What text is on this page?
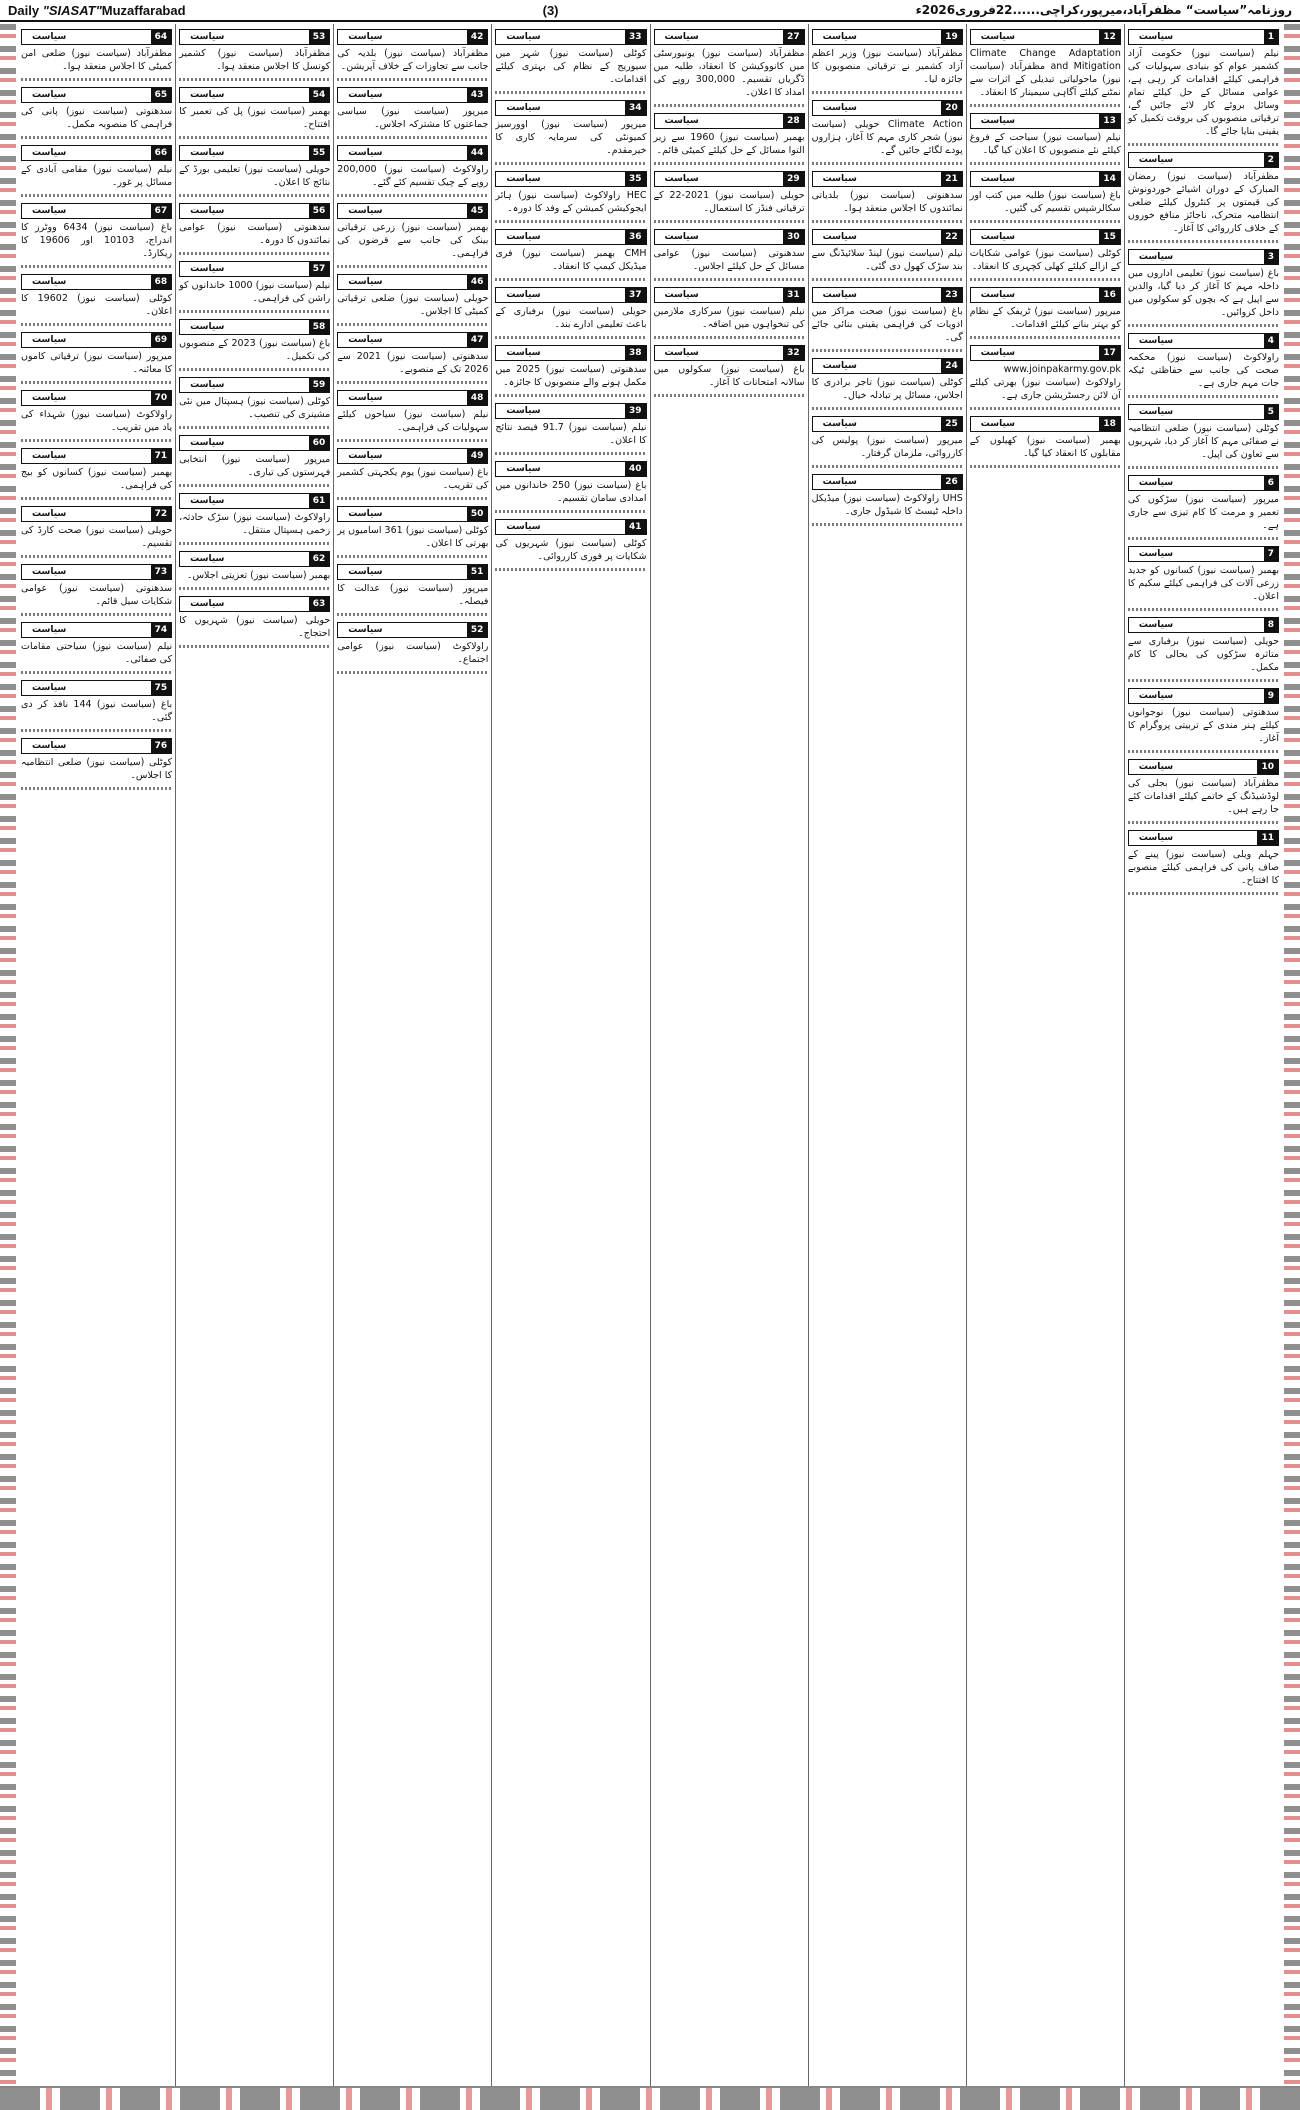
Daily "SIASAT"Muzaffarabad	(3)	روزنامہ”سیاست“ مظفرآباد،میرپور،کراچی......22فروری2026ء
1
سیاست
نیلم (سیاست نیوز) حکومت آزاد کشمیر عوام کو بنیادی سہولیات کی فراہمی کیلئے اقدامات کر رہی ہے، عوامی مسائل کے حل کیلئے تمام وسائل بروئے کار لائے جائیں گے، ترقیاتی منصوبوں کی بروقت تکمیل کو یقینی بنایا جائے گا۔
2
سیاست
مظفرآباد (سیاست نیوز) رمضان المبارک کے دوران اشیائے خوردونوش کی قیمتوں پر کنٹرول کیلئے ضلعی انتظامیہ متحرک، ناجائز منافع خوروں کے خلاف کارروائی کا آغاز۔
3
سیاست
باغ (سیاست نیوز) تعلیمی اداروں میں داخلہ مہم کا آغاز کر دیا گیا، والدین سے اپیل ہے کہ بچوں کو سکولوں میں داخل کروائیں۔
4
سیاست
راولاکوٹ (سیاست نیوز) محکمہ صحت کی جانب سے حفاظتی ٹیکہ جات مہم جاری ہے۔
5
سیاست
کوٹلی (سیاست نیوز) ضلعی انتظامیہ نے صفائی مہم کا آغاز کر دیا، شہریوں سے تعاون کی اپیل۔
6
سیاست
میرپور (سیاست نیوز) سڑکوں کی تعمیر و مرمت کا کام تیزی سے جاری ہے۔
7
سیاست
بھمبر (سیاست نیوز) کسانوں کو جدید زرعی آلات کی فراہمی کیلئے سکیم کا اعلان۔
8
سیاست
حویلی (سیاست نیوز) برفباری سے متاثرہ سڑکوں کی بحالی کا کام مکمل۔
9
سیاست
سدھنوتی (سیاست نیوز) نوجوانوں کیلئے ہنر مندی کے تربیتی پروگرام کا آغاز۔
10
سیاست
مظفرآباد (سیاست نیوز) بجلی کی لوڈشیڈنگ کے خاتمے کیلئے اقدامات کئے جا رہے ہیں۔
11
سیاست
جہلم ویلی (سیاست نیوز) پینے کے صاف پانی کی فراہمی کیلئے منصوبے کا افتتاح۔
12
سیاست
Climate Change Adaptation and Mitigation مظفرآباد (سیاست نیوز) ماحولیاتی تبدیلی کے اثرات سے نمٹنے کیلئے آگاہی سیمینار کا انعقاد۔
13
سیاست
نیلم (سیاست نیوز) سیاحت کے فروغ کیلئے نئے منصوبوں کا اعلان کیا گیا۔
14
سیاست
باغ (سیاست نیوز) طلبہ میں کتب اور سکالرشپس تقسیم کی گئیں۔
15
سیاست
کوٹلی (سیاست نیوز) عوامی شکایات کے ازالے کیلئے کھلی کچہری کا انعقاد۔
16
سیاست
میرپور (سیاست نیوز) ٹریفک کے نظام کو بہتر بنانے کیلئے اقدامات۔
17
سیاست
www.joinpakarmy.gov.pk راولاکوٹ (سیاست نیوز) بھرتی کیلئے آن لائن رجسٹریشن جاری ہے۔
18
سیاست
بھمبر (سیاست نیوز) کھیلوں کے مقابلوں کا انعقاد کیا گیا۔
19
سیاست
مظفرآباد (سیاست نیوز) وزیر اعظم آزاد کشمیر نے ترقیاتی منصوبوں کا جائزہ لیا۔
20
سیاست
Climate Action حویلی (سیاست نیوز) شجر کاری مہم کا آغاز، ہزاروں پودے لگائے جائیں گے۔
21
سیاست
سدھنوتی (سیاست نیوز) بلدیاتی نمائندوں کا اجلاس منعقد ہوا۔
22
سیاست
نیلم (سیاست نیوز) لینڈ سلائیڈنگ سے بند سڑک کھول دی گئی۔
23
سیاست
باغ (سیاست نیوز) صحت مراکز میں ادویات کی فراہمی یقینی بنائی جائے گی۔
24
سیاست
کوٹلی (سیاست نیوز) تاجر برادری کا اجلاس، مسائل پر تبادلہ خیال۔
25
سیاست
میرپور (سیاست نیوز) پولیس کی کارروائی، ملزمان گرفتار۔
26
سیاست
UHS راولاکوٹ (سیاست نیوز) میڈیکل داخلہ ٹیسٹ کا شیڈول جاری۔
27
سیاست
مظفرآباد (سیاست نیوز) یونیورسٹی میں کانووکیشن کا انعقاد، طلبہ میں ڈگریاں تقسیم۔ 300,000 روپے کی امداد کا اعلان۔
28
سیاست
بھمبر (سیاست نیوز) 1960 سے زیر التوا مسائل کے حل کیلئے کمیٹی قائم۔
29
سیاست
حویلی (سیاست نیوز) 2021-22 کے ترقیاتی فنڈز کا استعمال۔
30
سیاست
سدھنوتی (سیاست نیوز) عوامی مسائل کے حل کیلئے اجلاس۔
31
سیاست
نیلم (سیاست نیوز) سرکاری ملازمین کی تنخواہوں میں اضافہ۔
32
سیاست
باغ (سیاست نیوز) سکولوں میں سالانہ امتحانات کا آغاز۔
33
سیاست
کوٹلی (سیاست نیوز) شہر میں سیوریج کے نظام کی بہتری کیلئے اقدامات۔
34
سیاست
میرپور (سیاست نیوز) اوورسیز کمیونٹی کی سرمایہ کاری کا خیرمقدم۔
35
سیاست
HEC راولاکوٹ (سیاست نیوز) ہائر ایجوکیشن کمیشن کے وفد کا دورہ۔
36
سیاست
CMH بھمبر (سیاست نیوز) فری میڈیکل کیمپ کا انعقاد۔
37
سیاست
حویلی (سیاست نیوز) برفباری کے باعث تعلیمی ادارے بند۔
38
سیاست
سدھنوتی (سیاست نیوز) 2025 میں مکمل ہونے والے منصوبوں کا جائزہ۔
39
سیاست
نیلم (سیاست نیوز) 91.7 فیصد نتائج کا اعلان۔
40
سیاست
باغ (سیاست نیوز) 250 خاندانوں میں امدادی سامان تقسیم۔
41
سیاست
کوٹلی (سیاست نیوز) شہریوں کی شکایات پر فوری کارروائی۔
42
سیاست
مظفرآباد (سیاست نیوز) بلدیہ کی جانب سے تجاوزات کے خلاف آپریشن۔
43
سیاست
میرپور (سیاست نیوز) سیاسی جماعتوں کا مشترکہ اجلاس۔
44
سیاست
راولاکوٹ (سیاست نیوز) 200,000 روپے کے چیک تقسیم کئے گئے۔
45
سیاست
بھمبر (سیاست نیوز) زرعی ترقیاتی بینک کی جانب سے قرضوں کی فراہمی۔
46
سیاست
حویلی (سیاست نیوز) ضلعی ترقیاتی کمیٹی کا اجلاس۔
47
سیاست
سدھنوتی (سیاست نیوز) 2021 سے 2026 تک کے منصوبے۔
48
سیاست
نیلم (سیاست نیوز) سیاحوں کیلئے سہولیات کی فراہمی۔
49
سیاست
باغ (سیاست نیوز) یوم یکجہتی کشمیر کی تقریب۔
50
سیاست
کوٹلی (سیاست نیوز) 361 اسامیوں پر بھرتی کا اعلان۔
51
سیاست
میرپور (سیاست نیوز) عدالت کا فیصلہ۔
52
سیاست
راولاکوٹ (سیاست نیوز) عوامی اجتماع۔
53
سیاست
مظفرآباد (سیاست نیوز) کشمیر کونسل کا اجلاس منعقد ہوا۔
54
سیاست
بھمبر (سیاست نیوز) پل کی تعمیر کا افتتاح۔
55
سیاست
حویلی (سیاست نیوز) تعلیمی بورڈ کے نتائج کا اعلان۔
56
سیاست
سدھنوتی (سیاست نیوز) عوامی نمائندوں کا دورہ۔
57
سیاست
نیلم (سیاست نیوز) 1000 خاندانوں کو راشن کی فراہمی۔
58
سیاست
باغ (سیاست نیوز) 2023 کے منصوبوں کی تکمیل۔
59
سیاست
کوٹلی (سیاست نیوز) ہسپتال میں نئی مشینری کی تنصیب۔
60
سیاست
میرپور (سیاست نیوز) انتخابی فہرستوں کی تیاری۔
61
سیاست
راولاکوٹ (سیاست نیوز) سڑک حادثہ، زخمی ہسپتال منتقل۔
62
سیاست
بھمبر (سیاست نیوز) تعزیتی اجلاس۔
63
سیاست
حویلی (سیاست نیوز) شہریوں کا احتجاج۔
64
سیاست
مظفرآباد (سیاست نیوز) ضلعی امن کمیٹی کا اجلاس منعقد ہوا۔
65
سیاست
سدھنوتی (سیاست نیوز) پانی کی فراہمی کا منصوبہ مکمل۔
66
سیاست
نیلم (سیاست نیوز) مقامی آبادی کے مسائل پر غور۔
67
سیاست
باغ (سیاست نیوز) 6434 ووٹرز کا اندراج، 10103 اور 19606 کا ریکارڈ۔
68
سیاست
کوٹلی (سیاست نیوز) 19602 کا اعلان۔
69
سیاست
میرپور (سیاست نیوز) ترقیاتی کاموں کا معائنہ۔
70
سیاست
راولاکوٹ (سیاست نیوز) شہداء کی یاد میں تقریب۔
71
سیاست
بھمبر (سیاست نیوز) کسانوں کو بیج کی فراہمی۔
72
سیاست
حویلی (سیاست نیوز) صحت کارڈ کی تقسیم۔
73
سیاست
سدھنوتی (سیاست نیوز) عوامی شکایات سیل قائم۔
74
سیاست
نیلم (سیاست نیوز) سیاحتی مقامات کی صفائی۔
75
سیاست
باغ (سیاست نیوز) 144 نافذ کر دی گئی۔
76
سیاست
کوٹلی (سیاست نیوز) ضلعی انتظامیہ کا اجلاس۔
